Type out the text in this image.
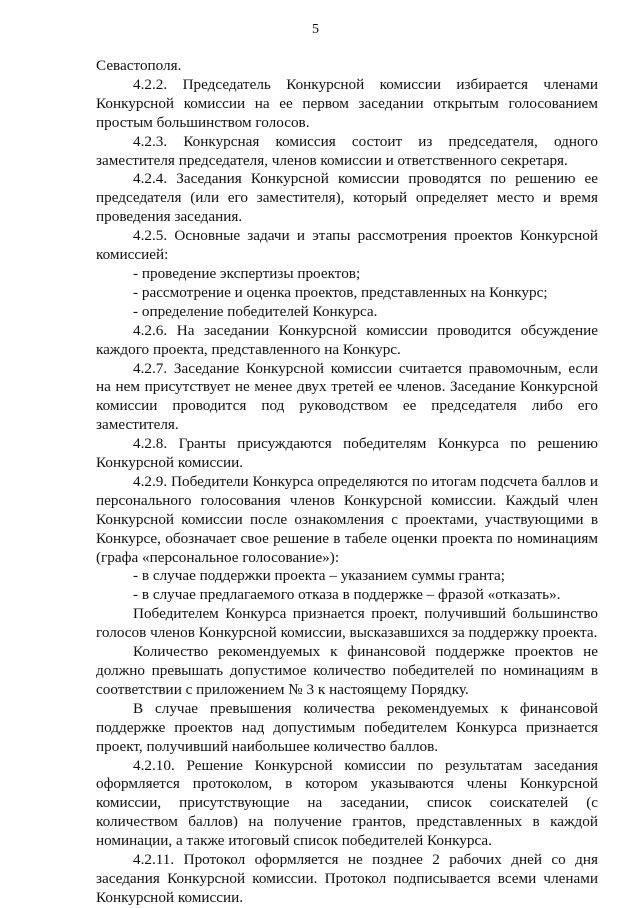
5

Севастополя.

4.2.2. Председатель Конкурсной комиссии избирается членами Конкурсной комиссии на ее первом заседании открытым голосованием простым большинством голосов.

4.2.3. Конкурсная комиссия состоит из председателя, одного заместителя председателя, членов комиссии и ответственного секретаря.

4.2.4. Заседания Конкурсной комиссии проводятся по решению ее председателя (или его заместителя), который определяет место и время проведения заседания.

4.2.5. Основные задачи и этапы рассмотрения проектов Конкурсной комиссией:

- проведение экспертизы проектов;

- рассмотрение и оценка проектов, представленных на Конкурс;

- определение победителей Конкурса.

4.2.6. На заседании Конкурсной комиссии проводится обсуждение каждого проекта, представленного на Конкурс.

4.2.7. Заседание Конкурсной комиссии считается правомочным, если на нем присутствует не менее двух третей ее членов. Заседание Конкурсной комиссии проводится под руководством ее председателя либо его заместителя.

4.2.8. Гранты присуждаются победителям Конкурса по решению Конкурсной комиссии.

4.2.9. Победители Конкурса определяются по итогам подсчета баллов и персонального голосования членов Конкурсной комиссии. Каждый член Конкурсной комиссии после ознакомления с проектами, участвующими в Конкурсе, обозначает свое решение в табеле оценки проекта по номинациям (графа «персональное голосование»):

- в случае поддержки проекта – указанием суммы гранта;

- в случае предлагаемого отказа в поддержке – фразой «отказать».

Победителем Конкурса признается проект, получивший большинство голосов членов Конкурсной комиссии, высказавшихся за поддержку проекта.

Количество рекомендуемых к финансовой поддержке проектов не должно превышать допустимое количество победителей по номинациям в соответствии с приложением № 3 к настоящему Порядку.

В случае превышения количества рекомендуемых к финансовой поддержке проектов над допустимым победителем Конкурса признается проект, получивший наибольшее количество баллов.

4.2.10. Решение Конкурсной комиссии по результатам заседания оформляется протоколом, в котором указываются члены Конкурсной комиссии, присутствующие на заседании, список соискателей (с количеством баллов) на получение грантов, представленных в каждой номинации, а также итоговый список победителей Конкурса.

4.2.11. Протокол оформляется не позднее 2 рабочих дней со дня заседания Конкурсной комиссии. Протокол подписывается всеми членами Конкурсной комиссии.
